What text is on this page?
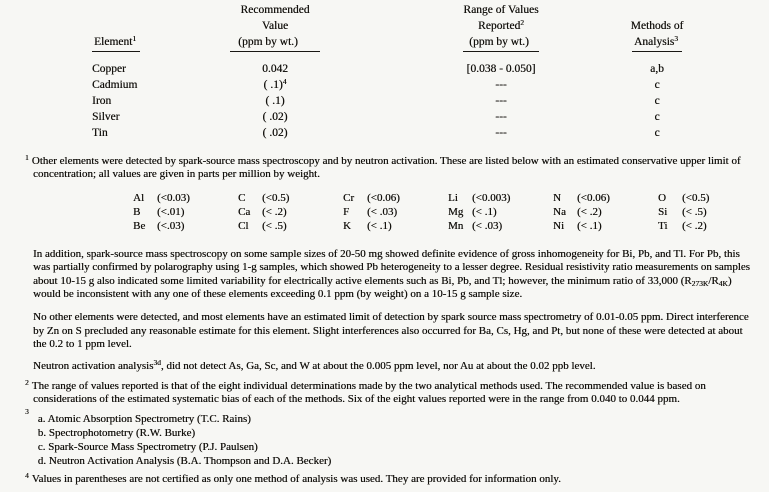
Element$^1$
Recommended
Value
(ppm by wt.)
Range of Values
Reported$^2$
(ppm by wt.)
Methods of
Analysis$^3$
Copper	0.042	[0.038 - 0.050]	a,b
Cadmium	( .1)$^4$	---	c
Iron	( .1)	---	c
Silver	( .02)	---	c
Tin	( .02)	---	c

$^1$ Other elements were detected by spark-source mass spectroscopy and by neutron activation. These are listed below with an estimated conservative upper limit of concentration; all values are given in parts per million by weight.

Al (<0.03)	C (<0.5)	Cr (<0.06)	Li (<0.003)	N (<0.06)	O (<0.5)
B (<.01)	Ca (< .2)	F (< .03)	Mg (< .1)	Na (< .2)	Si (< .5)
Be (<.03)	Cl (< .5)	K (< .1)	Mn (< .03)	Ni (< .1)	Ti (< .2)

In addition, spark-source mass spectroscopy on some sample sizes of 20-50 mg showed definite evidence of gross inhomogeneity for Bi, Pb, and Tl. For Pb, this was partially confirmed by polarography using 1-g samples, which showed Pb heterogeneity to a lesser degree. Residual resistivity ratio measurements on samples about 10-15 g also indicated some limited variability for electrically active elements such as Bi, Pb, and Tl; however, the minimum ratio of 33,000 $(R_{273K}/R_{4K})$ would be inconsistent with any one of these elements exceeding 0.1 ppm (by weight) on a 10-15 g sample size.

No other elements were detected, and most elements have an estimated limit of detection by spark source mass spectrometry of 0.01-0.05 ppm. Direct interference by Zn on S precluded any reasonable estimate for this element. Slight interferences also occurred for Ba, Cs, Hg, and Pt, but none of these were detected at about the 0.2 to 1 ppm level.

Neutron activation analysis$^{3d}$, did not detect As, Ga, Sc, and W at about the 0.005 ppm level, nor Au at about the 0.02 ppb level.

$^2$ The range of values reported is that of the eight individual determinations made by the two analytical methods used. The recommended value is based on considerations of the estimated systematic bias of each of the methods. Six of the eight values reported were in the range from 0.040 to 0.044 ppm.

3
a. Atomic Absorption Spectrometry (T.C. Rains)
b. Spectrophotometry (R.W. Burke)
c. Spark-Source Mass Spectrometry (P.J. Paulsen)
d. Neutron Activation Analysis (B.A. Thompson and D.A. Becker)

$^4$ Values in parentheses are not certified as only one method of analysis was used. They are provided for information only.
